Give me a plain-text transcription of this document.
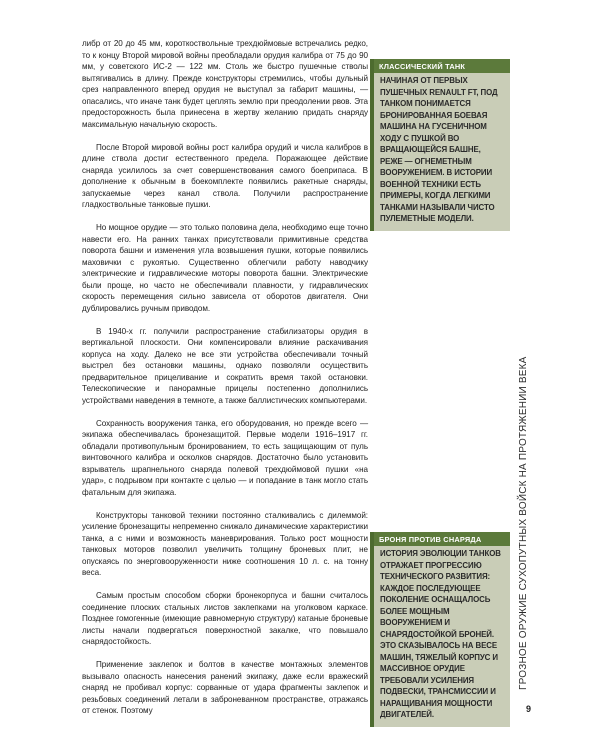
либр от 20 до 45 мм, короткоствольные трехдюймовые встречались редко, то к концу Второй мировой войны преобладали орудия калибра от 75 до 90 мм, у советского ИС-2 — 122 мм. Столь же быстро пушечные стволы вытягивались в длину. Прежде конструкторы стремились, чтобы дульный срез направленного вперед орудия не выступал за габарит машины, — опасались, что иначе танк будет цеплять землю при преодолении рвов. Эта предосторожность была принесена в жертву желанию придать снаряду максимальную начальную скорость.

После Второй мировой войны рост калибра орудий и числа калибров в длине ствола достиг естественного предела. Поражающее действие снаряда усилилось за счет совершенствования самого боеприпаса. В дополнение к обычным в боекомплекте появились ракетные снаряды, запускаемые через канал ствола. Получили распространение гладкоствольные танковые пушки.

Но мощное орудие — это только половина дела, необходимо еще точно навести его. На ранних танках присутствовали примитивные средства поворота башни и изменения угла возвышения пушки, которые появились маховички с рукоятью. Существенно облегчили работу наводчику электрические и гидравлические моторы поворота башни. Электрические были проще, но часто не обеспечивали плавности, у гидравлических скорость перемещения сильно зависела от оборотов двигателя. Они дублировались ручным приводом.

В 1940-х гг. получили распространение стабилизаторы орудия в вертикальной плоскости. Они компенсировали влияние раскачивания корпуса на ходу. Далеко не все эти устройства обеспечивали точный выстрел без остановки машины, однако позволяли осуществить предварительное прицеливание и сократить время такой остановки. Телескопические и панорамные прицелы постепенно дополнились устройствами наведения в темноте, а также баллистических компьютерами.

Сохранность вооружения танка, его оборудования, но прежде всего — экипажа обеспечивалась бронезащитой. Первые модели 1916–1917 гг. обладали противопульным бронированием, то есть защищающим от пуль винтовочного калибра и осколков снарядов. Достаточно было установить взрыватель шрапнельного снаряда полевой трехдюймовой пушки «на удар», с подрывом при контакте с целью — и попадание в танк могло стать фатальным для экипажа.

Конструкторы танковой техники постоянно сталкивались с дилеммой: усиление бронезащиты непременно снижало динамические характеристики танка, а с ними и возможность маневрирования. Только рост мощности танковых моторов позволил увеличить толщину броневых плит, не опускаясь по энерговооруженности ниже соотношения 10 л. с. на тонну веса.

Самым простым способом сборки бронекорпуса и башни считалось соединение плоских стальных листов заклепками на уголковом каркасе. Позднее гомогенные (имеющие равномерную структуру) катаные броневые листы начали подвергаться поверхностной закалке, что повышало снарядостойкость.

Применение заклепок и болтов в качестве монтажных элементов вызывало опасность нанесения ранений экипажу, даже если вражеский снаряд не пробивал корпус: сорванные от удара фрагменты заклепок и резьбовых соединений летали в заброневанном пространстве, отражаясь от стенок. Поэтому

КЛАССИЧЕСКИЙ ТАНК
НАЧИНАЯ ОТ ПЕРВЫХ ПУШЕЧНЫХ RENAULT FT, ПОД ТАНКОМ ПОНИМАЕТСЯ БРОНИРОВАННАЯ БОЕВАЯ МАШИНА НА ГУСЕНИЧНОМ ХОДУ С ПУШКОЙ ВО ВРАЩАЮЩЕЙСЯ БАШНЕ, РЕЖЕ — ОГНЕМЕТНЫМ ВООРУЖЕНИЕМ. В ИСТОРИИ ВОЕННОЙ ТЕХНИКИ ЕСТЬ ПРИМЕРЫ, КОГДА ЛЕГКИМИ ТАНКАМИ НАЗЫВАЛИ ЧИСТО ПУЛЕМЕТНЫЕ МОДЕЛИ.
БРОНЯ ПРОТИВ СНАРЯДА
ИСТОРИЯ ЭВОЛЮЦИИ ТАНКОВ ОТРАЖАЕТ ПРОГРЕССИЮ ТЕХНИЧЕСКОГО РАЗВИТИЯ: КАЖДОЕ ПОСЛЕДУЮЩЕЕ ПОКОЛЕНИЕ ОСНАЩАЛОСЬ БОЛЕЕ МОЩНЫМ ВООРУЖЕНИЕМ И СНАРЯДОСТОЙКОЙ БРОНЕЙ. ЭТО СКАЗЫВАЛОСЬ НА ВЕСЕ МАШИН, ТЯЖЕЛЫЙ КОРПУС И МАССИВНОЕ ОРУДИЕ ТРЕБОВАЛИ УСИЛЕНИЯ ПОДВЕСКИ, ТРАНСМИССИИ И НАРАЩИВАНИЯ МОЩНОСТИ ДВИГАТЕЛЕЙ.
ГРОЗНОЕ ОРУЖИЕ СУХОПУТНЫХ ВОЙСК НА ПРОТЯЖЕНИИ ВЕКА
9
